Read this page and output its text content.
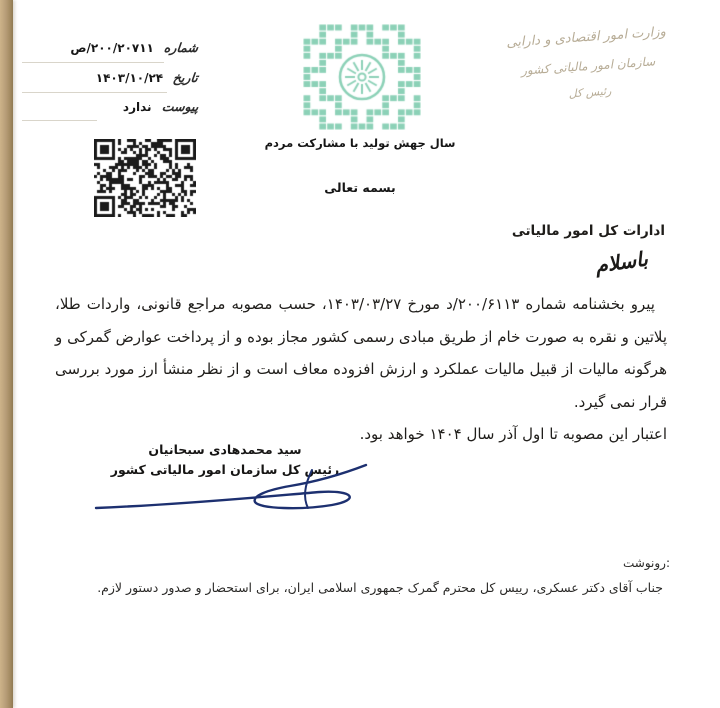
شماره
۲۰۰/۲۰۷۱۱/ص
تاریخ
۱۴۰۳/۱۰/۲۴
پیوست
ندارد
وزارت امور اقتصادی و دارایی
سازمان امور مالیاتی کشور
رئیس کل
سال جهش تولید با مشارکت مردم
بسمه تعالی
ادارات کل امور مالیاتی
باسلام

پیرو بخشنامه شماره ۲۰۰/۶۱۱۳/د مورخ ۱۴۰۳/۰۳/۲۷، حسب مصوبه مراجع قانونی، واردات طلا، پلاتین و نقره به صورت خام از طریق مبادی رسمی کشور مجاز بوده و از پرداخت عوارض گمرکی و هرگونه مالیات از قبیل مالیات عملکرد و ارزش افزوده معاف است و از نظر منشأ ارز مورد بررسی قرار نمی گیرد.

اعتبار این مصوبه تا اول آذر سال ۱۴۰۴ خواهد بود.

سید محمدهادی سبحانیان
رئیس کل سازمان امور مالیاتی کشور
رونوشت:
جناب آقای دکتر عسکری، رییس کل محترم گمرک جمهوری اسلامی ایران، برای استحضار و صدور دستور لازم.
